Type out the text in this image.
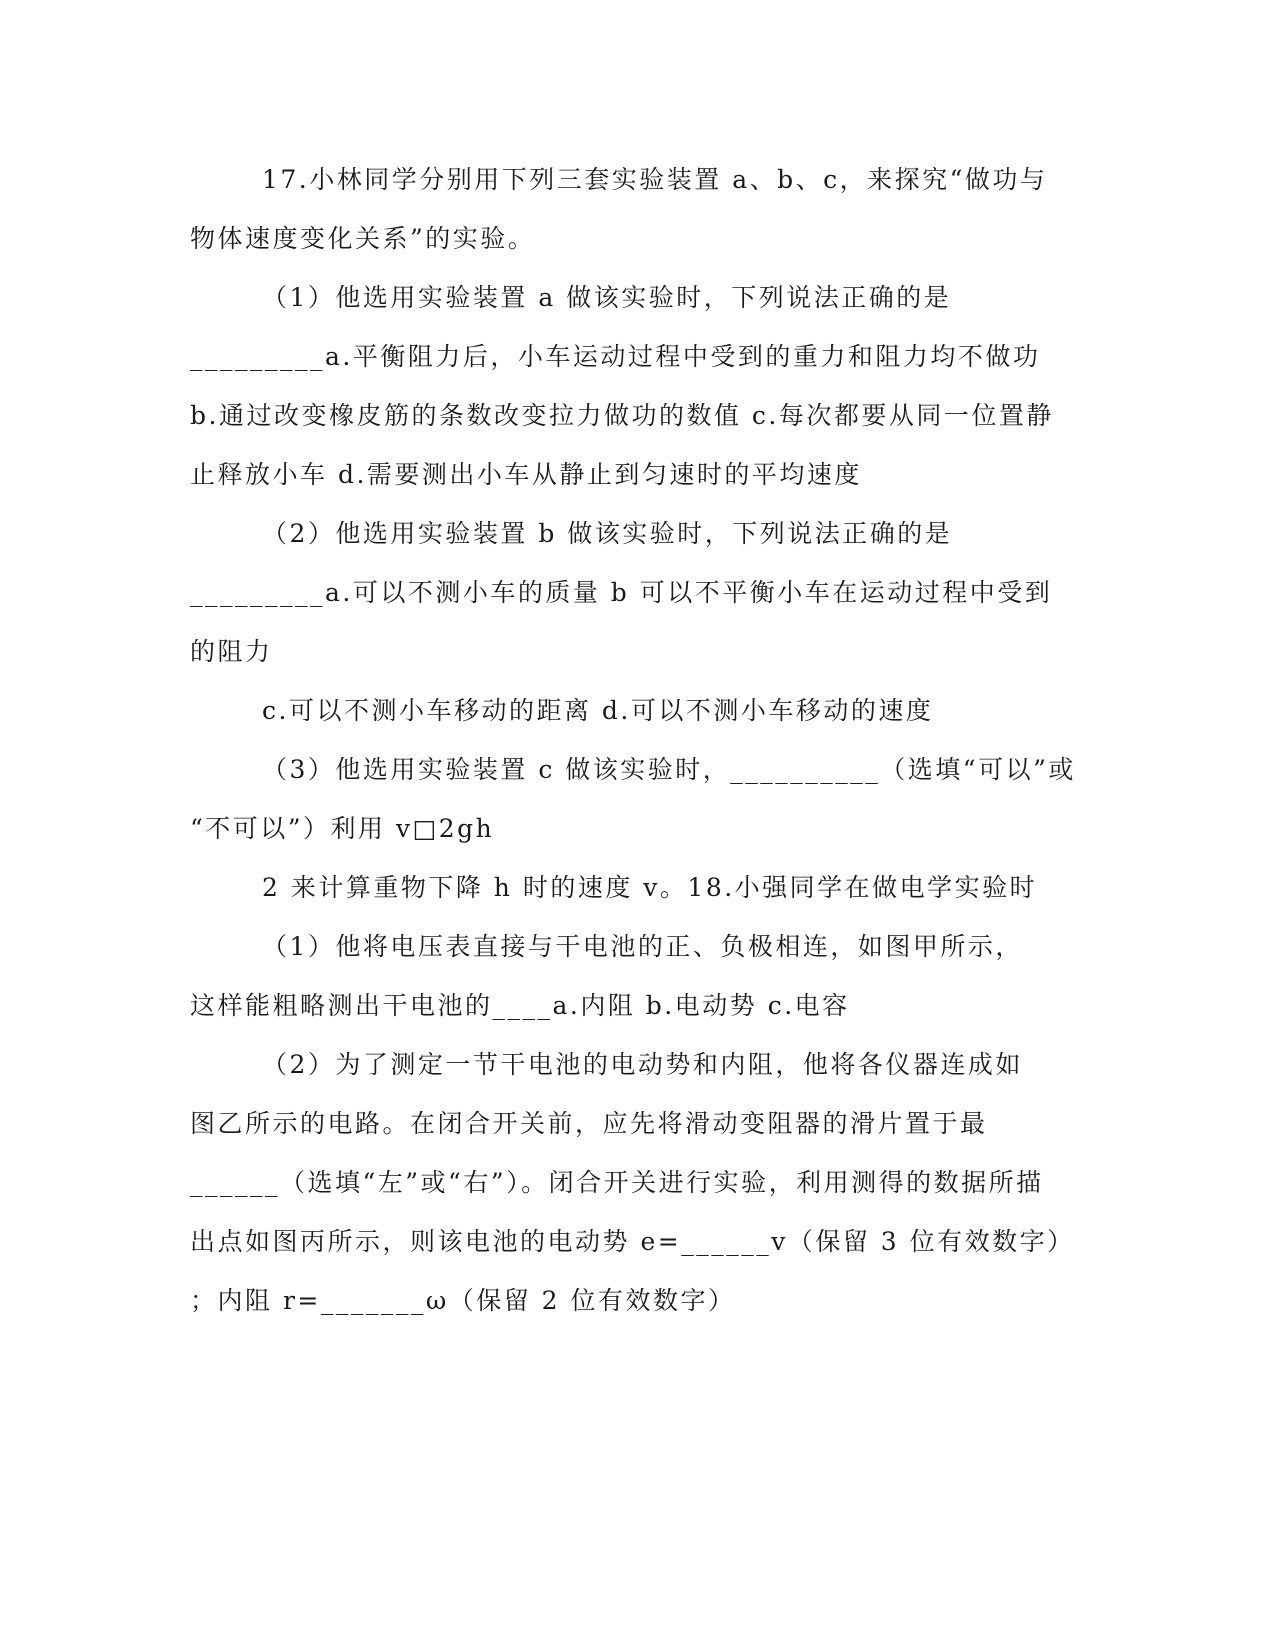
17.小林同学分别用下列三套实验装置 a、b、c，来探究“做功与
物体速度变化关系”的实验。
（1）他选用实验装置 a 做该实验时，下列说法正确的是
_________a.平衡阻力后，小车运动过程中受到的重力和阻力均不做功
b.通过改变橡皮筋的条数改变拉力做功的数值 c.每次都要从同一位置静
止释放小车 d.需要测出小车从静止到匀速时的平均速度
（2）他选用实验装置 b 做该实验时，下列说法正确的是
_________a.可以不测小车的质量 b 可以不平衡小车在运动过程中受到
的阻力
c.可以不测小车移动的距离 d.可以不测小车移动的速度
（3）他选用实验装置 c 做该实验时，__________（选填“可以”或
“不可以”）利用 v□2gh
2 来计算重物下降 h 时的速度 v。18.小强同学在做电学实验时
（1）他将电压表直接与干电池的正、负极相连，如图甲所示，
这样能粗略测出干电池的____a.内阻 b.电动势 c.电容
（2）为了测定一节干电池的电动势和内阻，他将各仪器连成如
图乙所示的电路。在闭合开关前，应先将滑动变阻器的滑片置于最
______（选填“左”或“右”）。闭合开关进行实验，利用测得的数据所描
出点如图丙所示，则该电池的电动势 e=______v（保留 3 位有效数字）
；内阻 r=_______ω（保留 2 位有效数字）
